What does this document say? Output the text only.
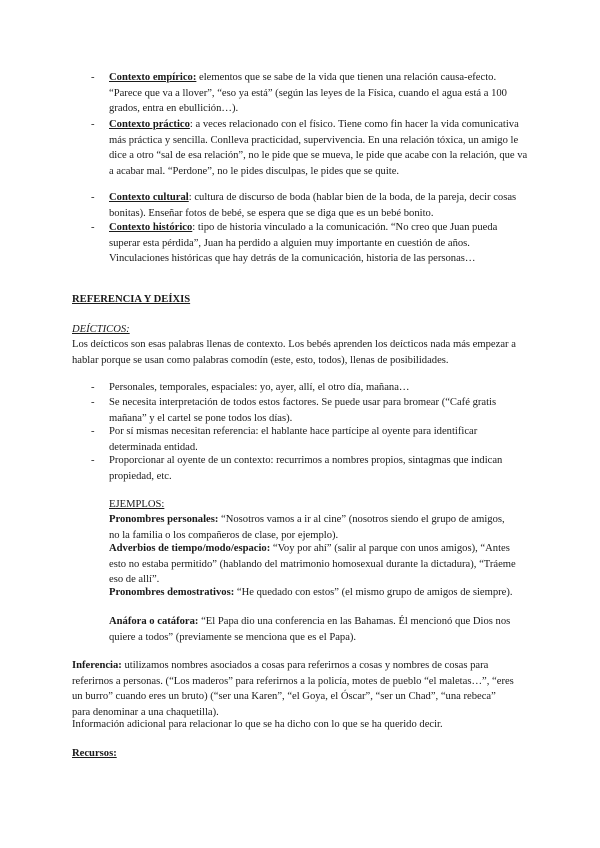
- Contexto empírico: elementos que se sabe de la vida que tienen una relación causa-efecto. “Parece que va a llover”, “eso ya está” (según las leyes de la Física, cuando el agua está a 100 grados, entra en ebullición…).
- Contexto práctico: a veces relacionado con el físico. Tiene como fin hacer la vida comunicativa más práctica y sencilla. Conlleva practicidad, supervivencia. En una relación tóxica, un amigo le dice a otro “sal de esa relación”, no le pide que se mueva, le pide que acabe con la relación, que va a acabar mal. “Perdone”, no le pides disculpas, le pides que se quite.
- Contexto cultural: cultura de discurso de boda (hablar bien de la boda, de la pareja, decir cosas bonitas). Enseñar fotos de bebé, se espera que se diga que es un bebé bonito.
- Contexto histórico: tipo de historia vinculado a la comunicación. “No creo que Juan pueda superar esta pérdida”, Juan ha perdido a alguien muy importante en cuestión de años. Vinculaciones históricas que hay detrás de la comunicación, historia de las personas…
REFERENCIA Y DEÍXIS
DEÍCTICOS:
Los deícticos son esas palabras llenas de contexto. Los bebés aprenden los deícticos nada más empezar a hablar porque se usan como palabras comodín (este, esto, todos), llenas de posibilidades.
- Personales, temporales, espaciales: yo, ayer, allí, el otro día, mañana…
- Se necesita interpretación de todos estos factores. Se puede usar para bromear (“Café gratis mañana” y el cartel se pone todos los días).
- Por sí mismas necesitan referencia: el hablante hace partícipe al oyente para identificar determinada entidad.
- Proporcionar al oyente de un contexto: recurrimos a nombres propios, sintagmas que indican propiedad, etc.
EJEMPLOS:
Pronombres personales: “Nosotros vamos a ir al cine” (nosotros siendo el grupo de amigos, no la familia o los compañeros de clase, por ejemplo).
Adverbios de tiempo/modo/espacio: “Voy por ahí” (salir al parque con unos amigos), “Antes esto no estaba permitido” (hablando del matrimonio homosexual durante la dictadura), “Tráeme eso de allí”.
Pronombres demostrativos: “He quedado con estos” (el mismo grupo de amigos de siempre).
Anáfora o catáfora: “El Papa dio una conferencia en las Bahamas. Él mencionó que Dios nos quiere a todos” (previamente se menciona que es el Papa).
Inferencia: utilizamos nombres asociados a cosas para referirnos a cosas y nombres de cosas para referirnos a personas. (“Los maderos” para referirnos a la policía, motes de pueblo “el maletas…”, “eres un burro” cuando eres un bruto) (“ser una Karen”, “el Goya, el Óscar”, “ser un Chad”, “una rebeca” para denominar a una chaquetilla).
Información adicional para relacionar lo que se ha dicho con lo que se ha querido decir.
Recursos:
